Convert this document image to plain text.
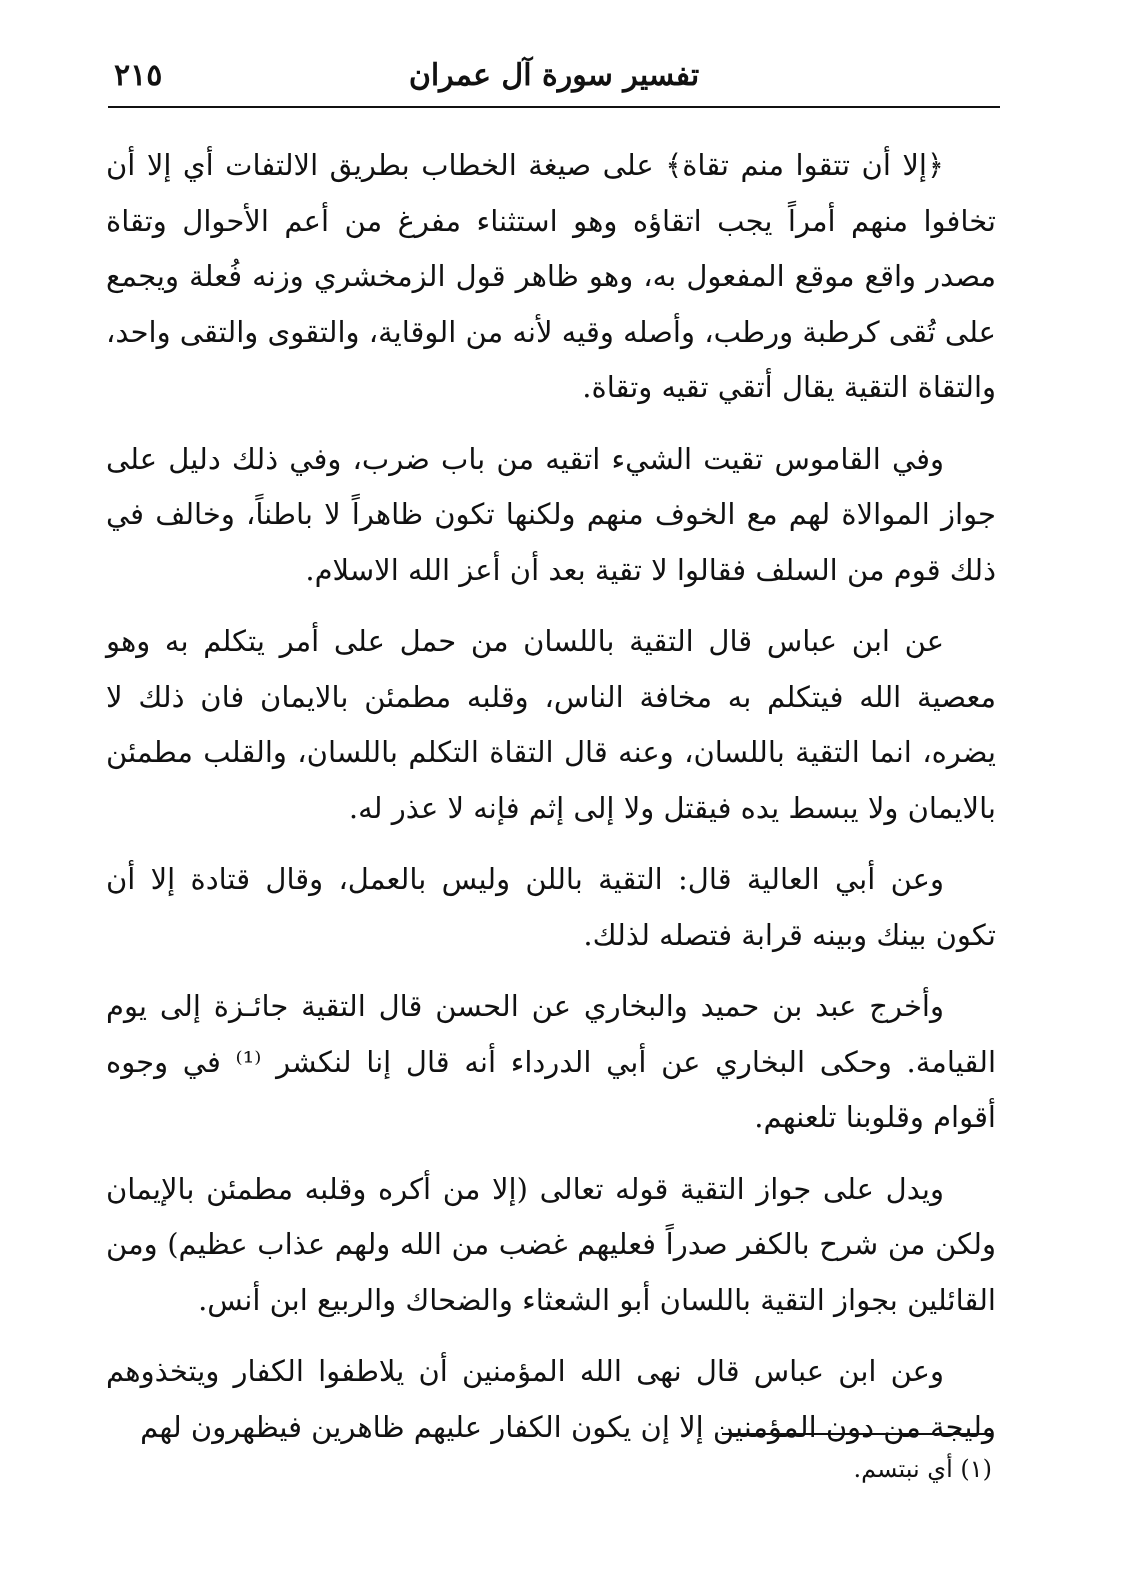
٢١٥	تفسير سورة آل عمران

﴿إلا أن تتقوا منم تقاة﴾ على صيغة الخطاب بطريق الالتفات أي إلا أن تخافوا منهم أمراً يجب اتقاؤه وهو استثناء مفرغ من أعم الأحوال وتقاة مصدر واقع موقع المفعول به، وهو ظاهر قول الزمخشري وزنه فُعلة ويجمع على تُقى كرطبة ورطب، وأصله وقيه لأنه من الوقاية، والتقوى والتقى واحد، والتقاة التقية يقال أتقي تقيه وتقاة.

وفي القاموس تقيت الشيء اتقيه من باب ضرب، وفي ذلك دليل على جواز الموالاة لهم مع الخوف منهم ولكنها تكون ظاهراً لا باطناً، وخالف في ذلك قوم من السلف فقالوا لا تقية بعد أن أعز الله الاسلام.

عن ابن عباس قال التقية باللسان من حمل على أمر يتكلم به وهو معصية الله فيتكلم به مخافة الناس، وقلبه مطمئن بالايمان فان ذلك لا يضره، انما التقية باللسان، وعنه قال التقاة التكلم باللسان، والقلب مطمئن بالايمان ولا يبسط يده فيقتل ولا إلى إثم فإنه لا عذر له.

وعن أبي العالية قال: التقية باللن وليس بالعمل، وقال قتادة إلا أن تكون بينك وبينه قرابة فتصله لذلك.

وأخرج عبد بن حميد والبخاري عن الحسن قال التقية جائـزة إلى يوم القيامة. وحكى البخاري عن أبي الدرداء أنه قال إنا لنكشر ⁽¹⁾ في وجوه أقوام وقلوبنا تلعنهم.

ويدل على جواز التقية قوله تعالى (إلا من أكره وقلبه مطمئن بالإيمان ولكن من شرح بالكفر صدراً فعليهم غضب من الله ولهم عذاب عظيم) ومن القائلين بجواز التقية باللسان أبو الشعثاء والضحاك والربيع ابن أنس.

وعن ابن عباس قال نهى الله المؤمنين أن يلاطفوا الكفار ويتخذوهم وليجة من دون المؤمنين إلا إن يكون الكفار عليهم ظاهرين فيظهرون لهم

(١) أي نبتسم.
